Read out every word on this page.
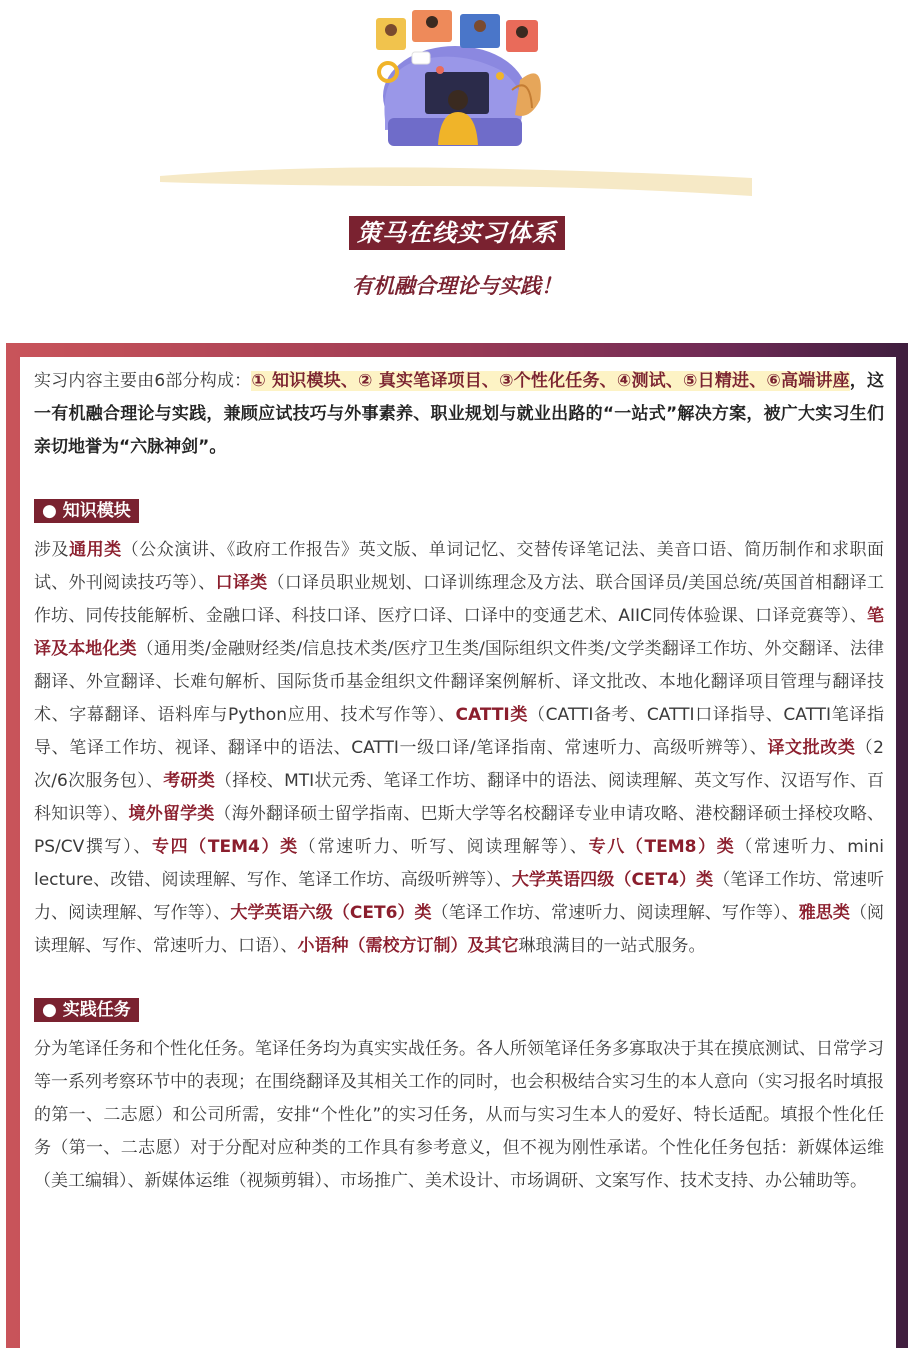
策马在线实习体系
有机融合理论与实践！

实习内容主要由6部分构成：① 知识模块、② 真实笔译项目、③个性化任务、④测试、⑤日精进、⑥高端讲座，这一有机融合理论与实践，兼顾应试技巧与外事素养、职业规划与就业出路的“一站式”解决方案，被广大实习生们亲切地誉为“六脉神剑”。

● 知识模块

涉及通用类（公众演讲、《政府工作报告》英文版、单词记忆、交替传译笔记法、美音口语、简历制作和求职面试、外刊阅读技巧等）、口译类（口译员职业规划、口译训练理念及方法、联合国译员/美国总统/英国首相翻译工作坊、同传技能解析、金融口译、科技口译、医疗口译、口译中的变通艺术、AIIC同传体验课、口译竞赛等）、笔译及本地化类（通用类/金融财经类/信息技术类/医疗卫生类/国际组织文件类/文学类翻译工作坊、外交翻译、法律翻译、外宣翻译、长难句解析、国际货币基金组织文件翻译案例解析、译文批改、本地化翻译项目管理与翻译技术、字幕翻译、语料库与Python应用、技术写作等）、CATTI类（CATTI备考、CATTI口译指导、CATTI笔译指导、笔译工作坊、视译、翻译中的语法、CATTI一级口译/笔译指南、常速听力、高级听辨等）、译文批改类（2次/6次服务包）、考研类（择校、MTI状元秀、笔译工作坊、翻译中的语法、阅读理解、英文写作、汉语写作、百科知识等）、境外留学类（海外翻译硕士留学指南、巴斯大学等名校翻译专业申请攻略、港校翻译硕士择校攻略、PS/CV撰写）、专四（TEM4）类（常速听力、听写、阅读理解等）、专八（TEM8）类（常速听力、mini lecture、改错、阅读理解、写作、笔译工作坊、高级听辨等）、大学英语四级（CET4）类（笔译工作坊、常速听力、阅读理解、写作等）、大学英语六级（CET6）类（笔译工作坊、常速听力、阅读理解、写作等）、雅思类（阅读理解、写作、常速听力、口语）、小语种（需校方订制）及其它琳琅满目的一站式服务。

● 实践任务

分为笔译任务和个性化任务。笔译任务均为真实实战任务。各人所领笔译任务多寡取决于其在摸底测试、日常学习等一系列考察环节中的表现；在围绕翻译及其相关工作的同时，也会积极结合实习生的本人意向（实习报名时填报的第一、二志愿）和公司所需，安排“个性化”的实习任务，从而与实习生本人的爱好、特长适配。填报个性化任务（第一、二志愿）对于分配对应种类的工作具有参考意义，但不视为刚性承诺。个性化任务包括：新媒体运维（美工编辑）、新媒体运维（视频剪辑）、市场推广、美术设计、市场调研、文案写作、技术支持、办公辅助等。
